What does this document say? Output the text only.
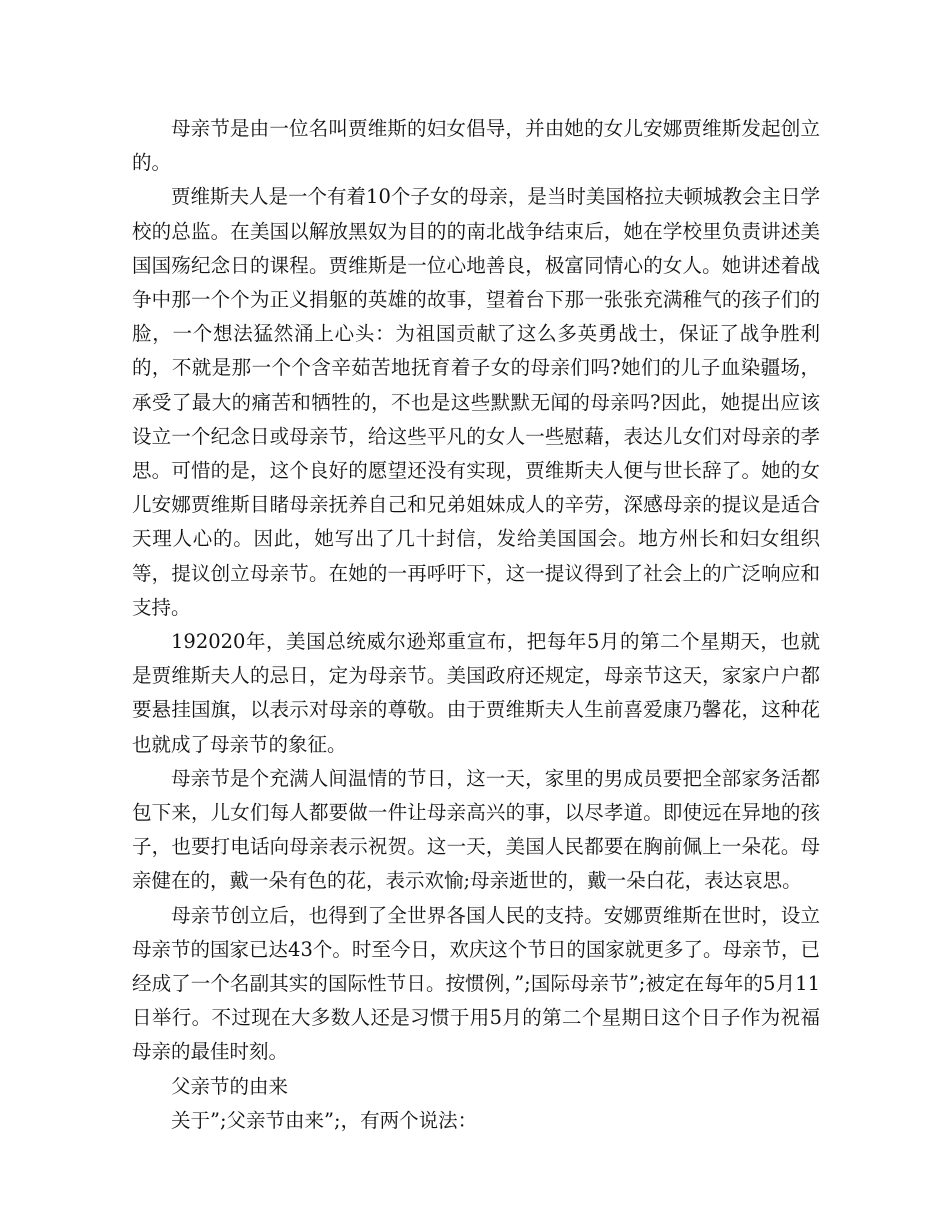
母亲节是由一位名叫贾维斯的妇女倡导，并由她的女儿安娜贾维斯发起创立的。

贾维斯夫人是一个有着10个子女的母亲，是当时美国格拉夫顿城教会主日学校的总监。在美国以解放黑奴为目的的南北战争结束后，她在学校里负责讲述美国国殇纪念日的课程。贾维斯是一位心地善良，极富同情心的女人。她讲述着战争中那一个个为正义捐躯的英雄的故事，望着台下那一张张充满稚气的孩子们的脸，一个想法猛然涌上心头：为祖国贡献了这么多英勇战士，保证了战争胜利的，不就是那一个个含辛茹苦地抚育着子女的母亲们吗?她们的儿子血染疆场，承受了最大的痛苦和牺牲的，不也是这些默默无闻的母亲吗?因此，她提出应该设立一个纪念日或母亲节，给这些平凡的女人一些慰藉，表达儿女们对母亲的孝思。可惜的是，这个良好的愿望还没有实现，贾维斯夫人便与世长辞了。她的女儿安娜贾维斯目睹母亲抚养自己和兄弟姐妹成人的辛劳，深感母亲的提议是适合天理人心的。因此，她写出了几十封信，发给美国国会。地方州长和妇女组织等，提议创立母亲节。在她的一再呼吁下，这一提议得到了社会上的广泛响应和支持。

192020年，美国总统威尔逊郑重宣布，把每年5月的第二个星期天，也就是贾维斯夫人的忌日，定为母亲节。美国政府还规定，母亲节这天，家家户户都要悬挂国旗，以表示对母亲的尊敬。由于贾维斯夫人生前喜爱康乃馨花，这种花也就成了母亲节的象征。

母亲节是个充满人间温情的节日，这一天，家里的男成员要把全部家务活都包下来，儿女们每人都要做一件让母亲高兴的事，以尽孝道。即使远在异地的孩子，也要打电话向母亲表示祝贺。这一天，美国人民都要在胸前佩上一朵花。母亲健在的，戴一朵有色的花，表示欢愉;母亲逝世的，戴一朵白花，表达哀思。

母亲节创立后，也得到了全世界各国人民的支持。安娜贾维斯在世时，设立母亲节的国家已达43个。时至今日，欢庆这个节日的国家就更多了。母亲节，已经成了一个名副其实的国际性节日。按惯例，”;国际母亲节”;被定在每年的5月11日举行。不过现在大多数人还是习惯于用5月的第二个星期日这个日子作为祝福母亲的最佳时刻。

父亲节的由来

关于”;父亲节由来”;，有两个说法：
